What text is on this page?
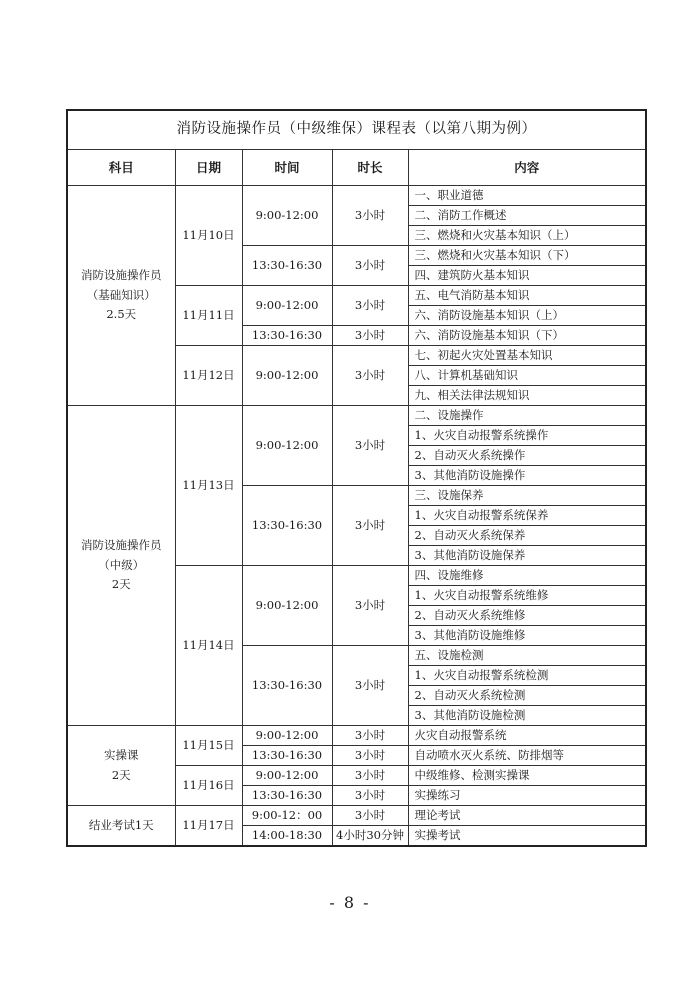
消防设施操作员（中级维保）课程表（以第八期为例）				
科目	日期	时间	时长	内容

消防设施操作员
（基础知识）
2.5天	11月10日	9:00-12:00	3小时	一、职业道德
				二、消防工作概述
				三、燃烧和火灾基本知识（上）
		13:30-16:30	3小时	三、燃烧和火灾基本知识（下）
				四、建筑防火基本知识
	11月11日	9:00-12:00	3小时	五、电气消防基本知识
				六、消防设施基本知识（上）
		13:30-16:30	3小时	六、消防设施基本知识（下）
	11月12日	9:00-12:00	3小时	七、初起火灾处置基本知识
				八、计算机基础知识
				九、相关法律法规知识

消防设施操作员
（中级）
2天	11月13日	9:00-12:00	3小时	二、设施操作
				1、火灾自动报警系统操作
				2、自动灭火系统操作
				3、其他消防设施操作
		13:30-16:30	3小时	三、设施保养
				1、火灾自动报警系统保养
				2、自动灭火系统保养
				3、其他消防设施保养
	11月14日	9:00-12:00	3小时	四、设施维修
				1、火灾自动报警系统维修
				2、自动灭火系统维修
				3、其他消防设施维修
		13:30-16:30	3小时	五、设施检测
				1、火灾自动报警系统检测
				2、自动灭火系统检测
				3、其他消防设施检测

实操课
2天	11月15日	9:00-12:00	3小时	火灾自动报警系统
		13:30-16:30	3小时	自动喷水灭火系统、防排烟等
	11月16日	9:00-12:00	3小时	中级维修、检测实操课
		13:30-16:30	3小时	实操练习

结业考试1天	11月17日	9:00-12：00	3小时	理论考试
		14:00-18:30	4小时30分钟	实操考试
- 8 -
